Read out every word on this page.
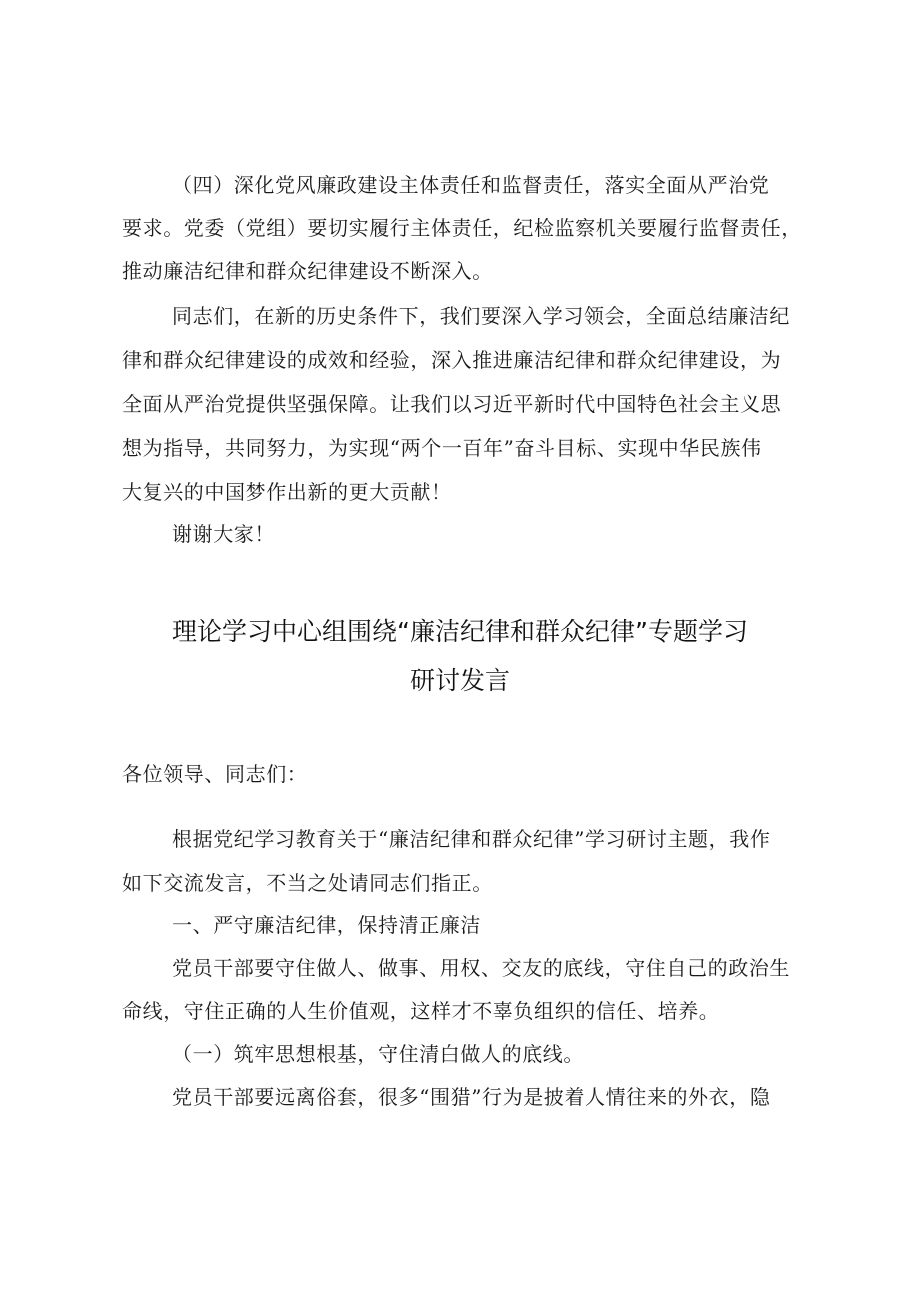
（四）深化党风廉政建设主体责任和监督责任，落实全面从严治党
要求。党委（党组）要切实履行主体责任，纪检监察机关要履行监督责任，
推动廉洁纪律和群众纪律建设不断深入。
同志们，在新的历史条件下，我们要深入学习领会，全面总结廉洁纪
律和群众纪律建设的成效和经验，深入推进廉洁纪律和群众纪律建设，为
全面从严治党提供坚强保障。让我们以习近平新时代中国特色社会主义思
想为指导，共同努力，为实现“两个一百年”奋斗目标、实现中华民族伟
大复兴的中国梦作出新的更大贡献！
谢谢大家！
理论学习中心组围绕“廉洁纪律和群众纪律”专题学习
研讨发言
各位领导、同志们：
根据党纪学习教育关于“廉洁纪律和群众纪律”学习研讨主题，我作
如下交流发言，不当之处请同志们指正。
一、严守廉洁纪律，保持清正廉洁
党员干部要守住做人、做事、用权、交友的底线，守住自己的政治生
命线，守住正确的人生价值观，这样才不辜负组织的信任、培养。
（一）筑牢思想根基，守住清白做人的底线。
党员干部要远离俗套，很多“围猎”行为是披着人情往来的外衣，隐
